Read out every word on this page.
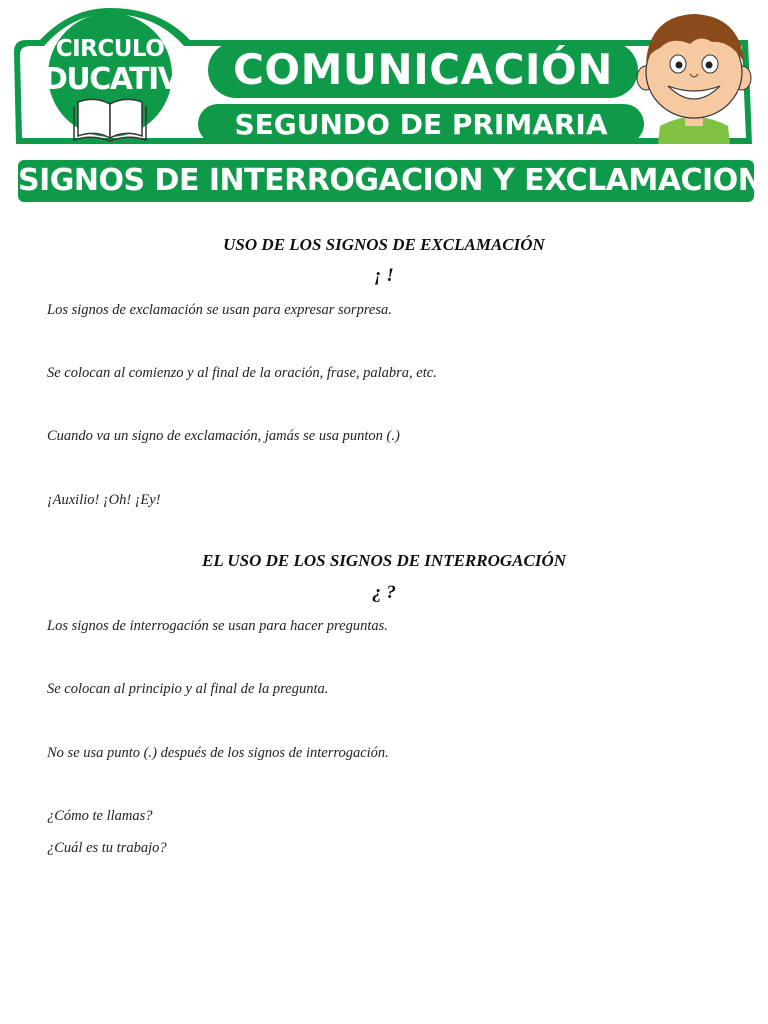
CIRCULO
EDUCATIVO COMUNICACIÓN
SEGUNDO DE PRIMARIA
SIGNOS DE INTERROGACION Y EXCLAMACION
USO DE LOS SIGNOS DE EXCLAMACIÓN
¡ !
Los signos de exclamación se usan para expresar sorpresa.
Se colocan al comienzo y al final de la oración, frase, palabra, etc.
Cuando va un signo de exclamación, jamás se usa punton (.)
¡Auxilio! ¡Oh! ¡Ey!
EL USO DE LOS SIGNOS DE INTERROGACIÓN
¿ ?
Los signos de interrogación se usan para hacer preguntas.
Se colocan al principio y al final de la pregunta.
No se usa punto (.) después de los signos de interrogación.
¿Cómo te llamas?
¿Cuál es tu trabajo?
